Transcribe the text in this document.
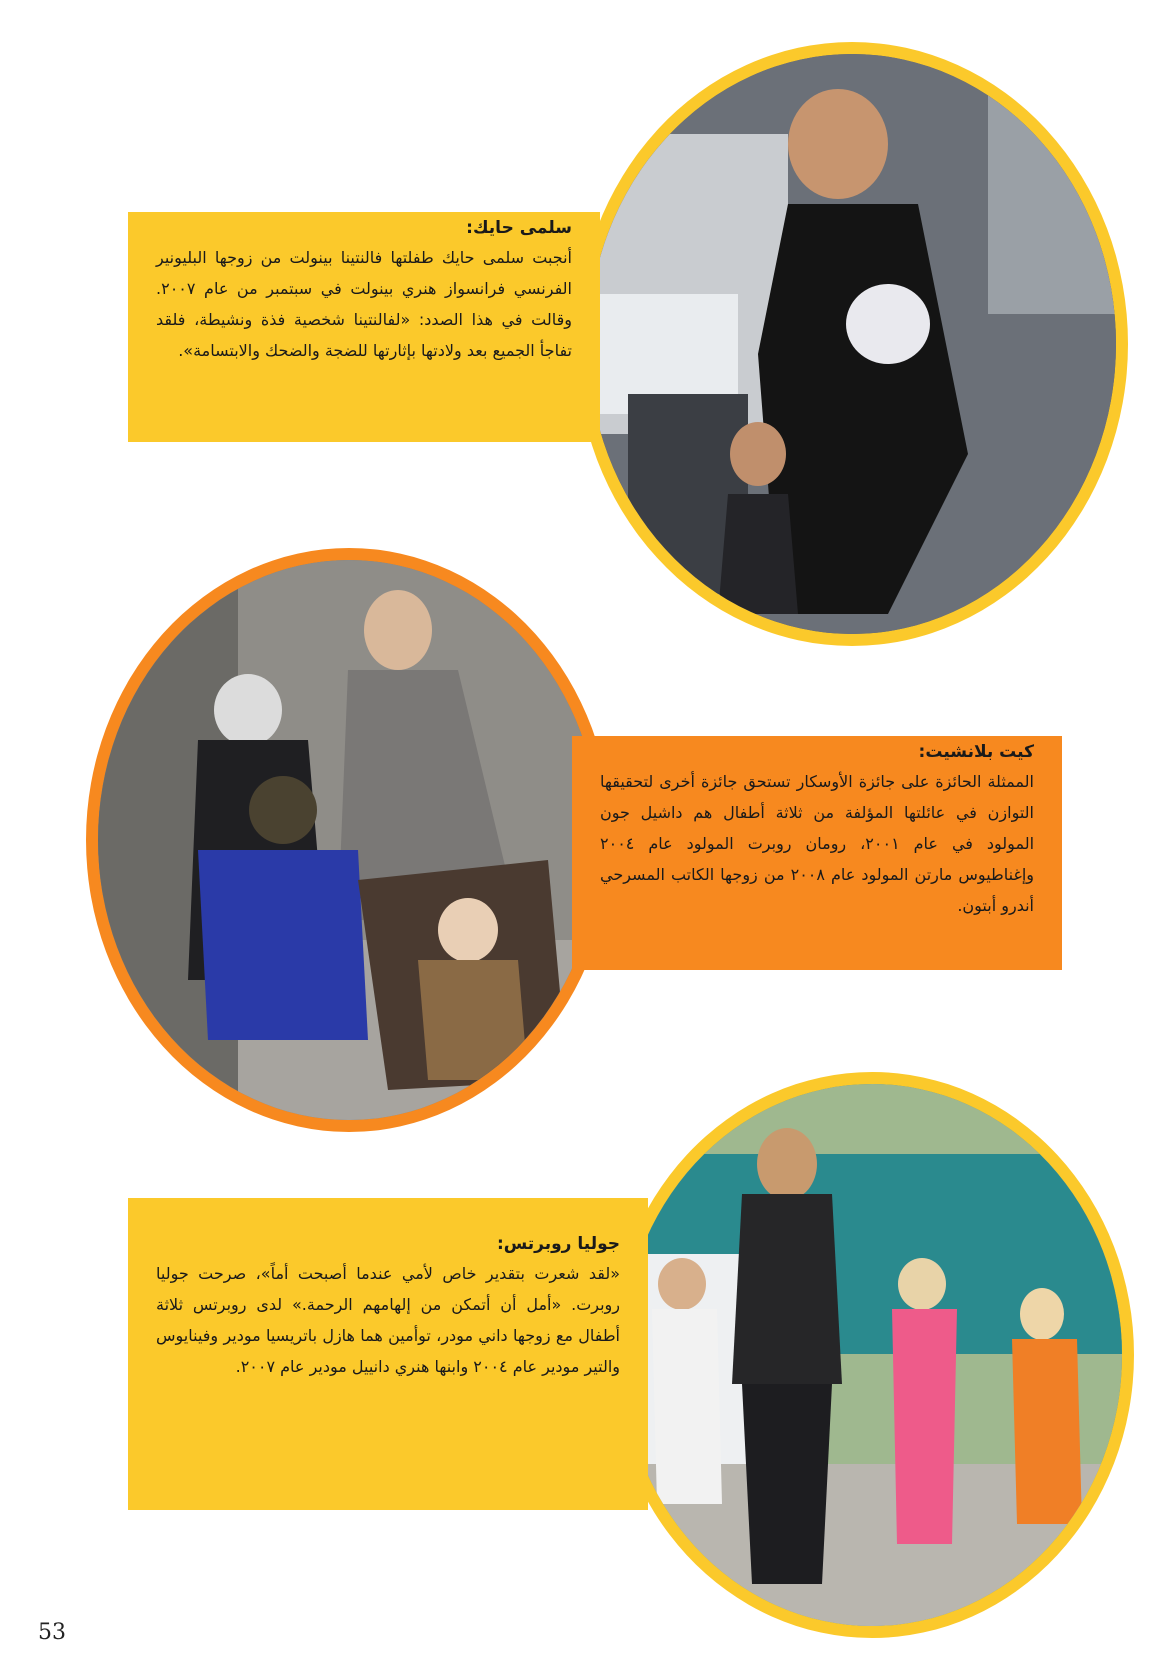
سلمى حايك:

أنجبت سلمى حايك طفلتها فالنتينا بينولت من زوجها البليونير الفرنسي فرانسواز هنري بينولت في سبتمبر من عام ٢٠٠٧. وقالت في هذا الصدد: «لفالنتينا شخصية فذة ونشيطة، فلقد تفاجأ الجميع بعد ولادتها بإثارتها للضجة والضحك والابتسامة».

كيت بلانشيت:

الممثلة الحائزة على جائزة الأوسكار تستحق جائزة أخرى لتحقيقها التوازن في عائلتها المؤلفة من ثلاثة أطفال هم داشيل جون المولود في عام ٢٠٠١، رومان روبرت المولود عام ٢٠٠٤ وإغناطيوس مارتن المولود عام ٢٠٠٨ من زوجها الكاتب المسرحي أندرو أبتون.

جوليا روبرتس:

«لقد شعرت بتقدير خاص لأمي عندما أصبحت أماً»، صرحت جوليا روبرت. «أمل أن أتمكن من إلهامهم الرحمة.» لدى روبرتس ثلاثة أطفال مع زوجها داني مودر، توأمين هما هازل باتريسيا مودير وفينايوس والتير مودير عام ٢٠٠٤ وابنها هنري دانييل مودير عام ٢٠٠٧.

53
